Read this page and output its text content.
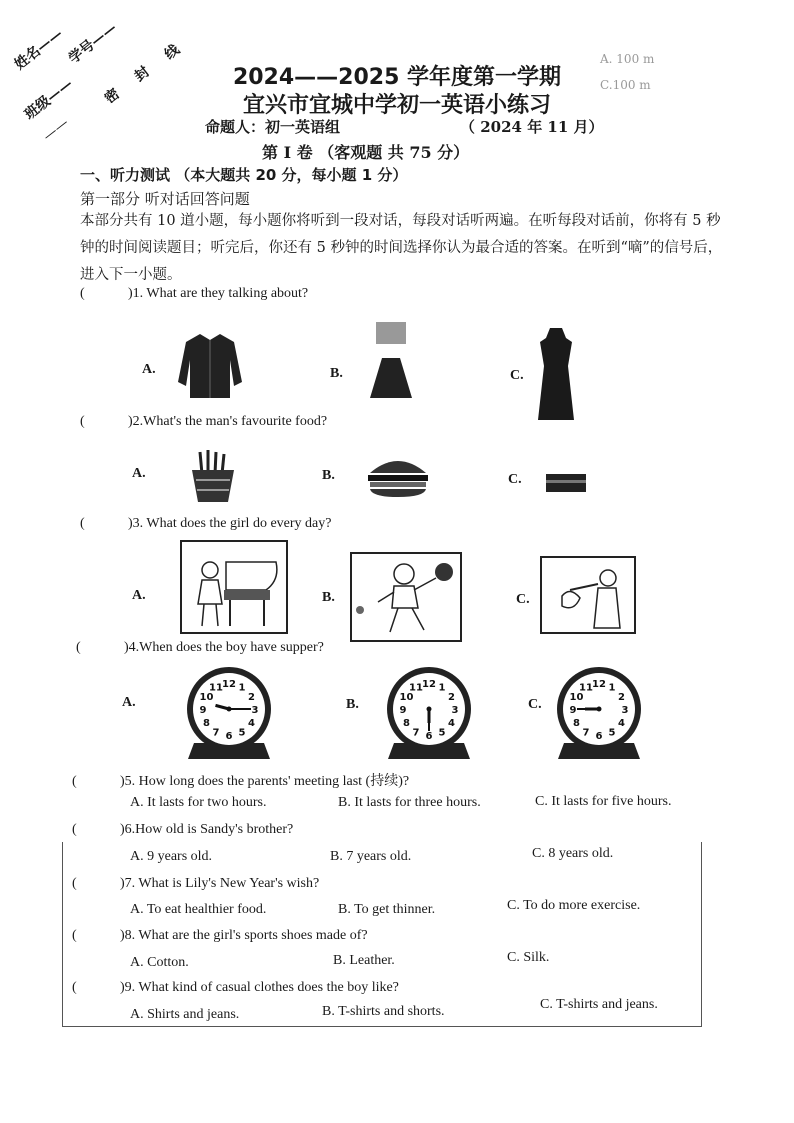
姓名—— 学号——
班级—— 密
封
线
——
A. 100 m
C.100 m
2024——2025 学年度第一学期
宜兴市宜城中学初一英语小练习
命题人：初一英语组	（ 2024 年 11 月）
第 I 卷 （客观题 共 75 分）
一、听力测试 （本大题共 20 分，每小题 1 分）
第一部分 听对话回答问题
本部分共有 10 道小题，每小题你将听到一段对话，每段对话听两遍。在听每段对话前，你将有 5 秒钟的时间阅读题目；听完后，你还有 5 秒钟的时间选择你认为最合适的答案。在听到“嘀”的信号后，进入下一小题。
(	)1. What are they talking about?
(	)2.What's the man's favourite food?
(	)3. What does the girl do every day?
(	)4.When does the boy have supper?
(	)5. How long does the parents' meeting last (持续)?
A. It lasts for two hours.	B. It lasts for three hours.	C. It lasts for five hours.
(	)6.How old is Sandy's brother?
A. 9 years old.	B. 7 years old.	C. 8 years old.
(	)7. What is Lily's New Year's wish?
A. To eat healthier food.	B. To get thinner.	C. To do more exercise.
(	)8. What are the girl's sports shoes made of?
A. Cotton.	B. Leather.	C. Silk.
(	)9. What kind of casual clothes does the boy like?
A. Shirts and jeans.	B. T-shirts and shorts.	C. T-shirts and jeans.
A.	B.	C.
A.	B.	C.
A.	B.	C.
A.	B.	C.
12 1
2
3
4
5
6
7
8
9
10
11	12 1
2
3
4
5
6
7
8
9
10
11	12 1
2
3
4
5
6
7
8
9
10
11
